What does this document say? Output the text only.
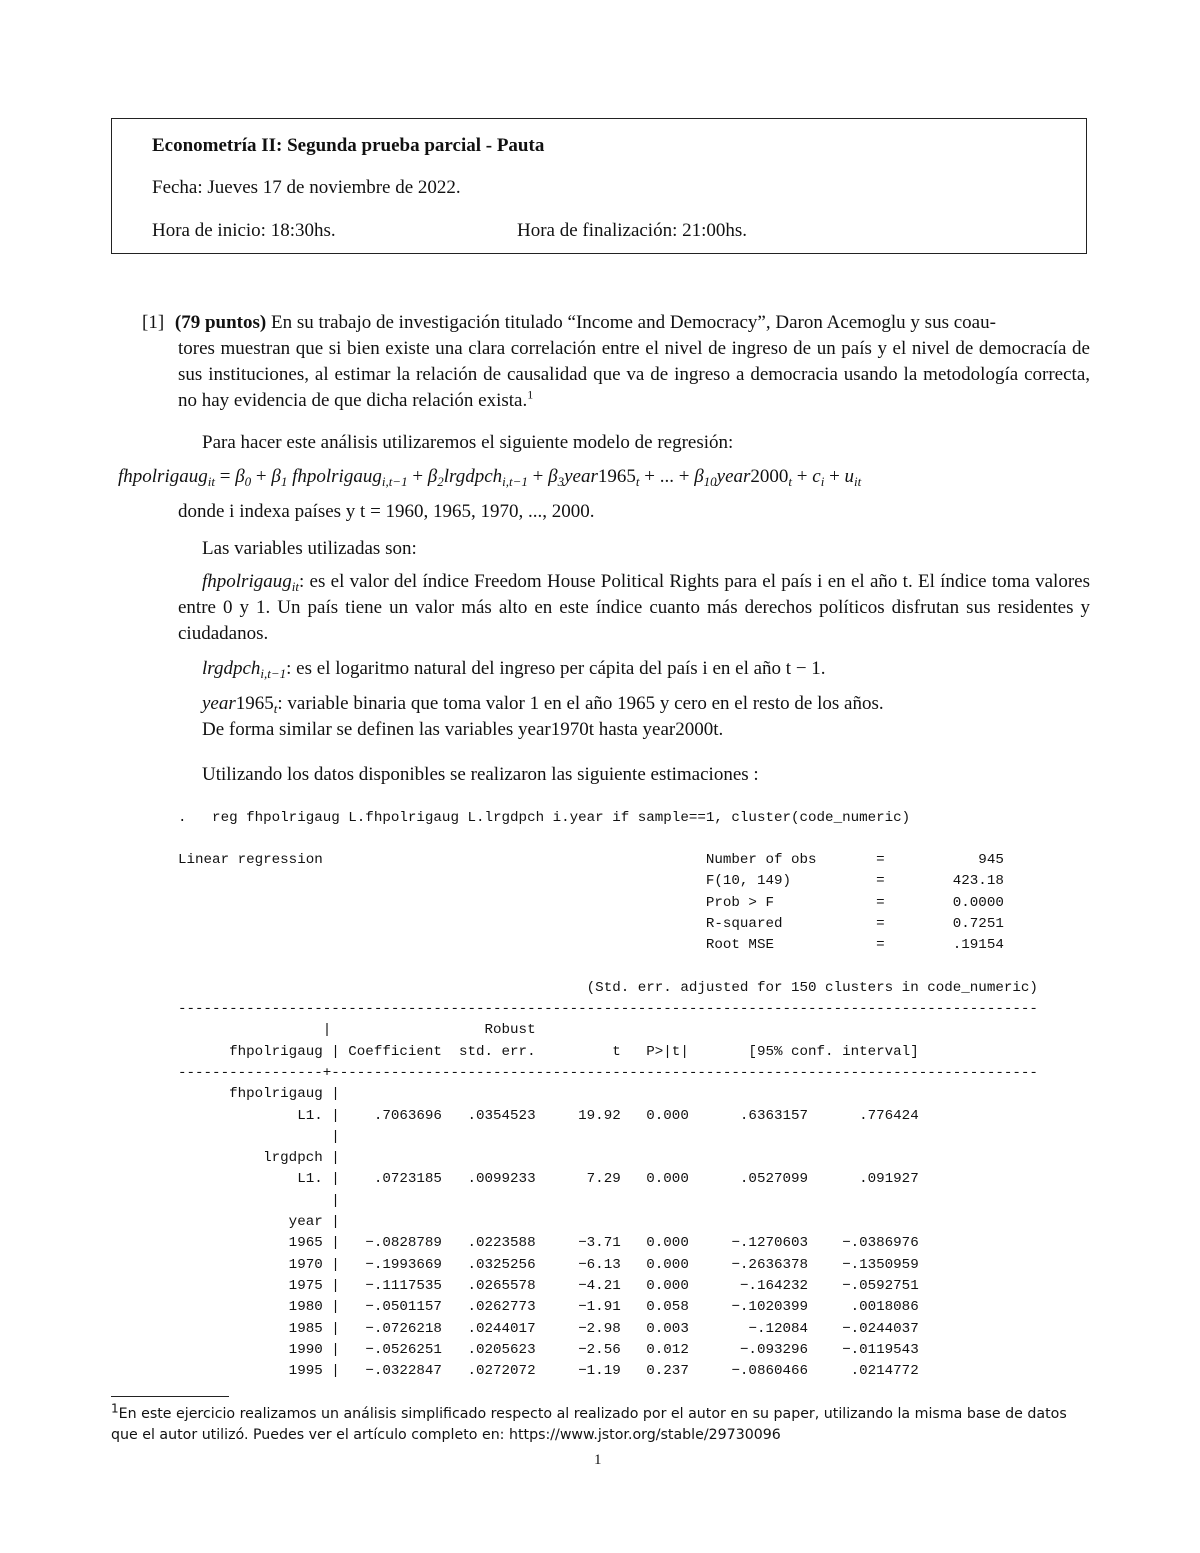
Econometría II: Segunda prueba parcial - Pauta
Fecha: Jueves 17 de noviembre de 2022.
Hora de inicio: 18:30hs.	Hora de finalización: 21:00hs.
[1] (79 puntos) En su trabajo de investigación titulado “Income and Democracy”, Daron Acemoglu y sus coau-
tores muestran que si bien existe una clara correlación entre el nivel de ingreso de un país y el nivel de democracía de sus instituciones, al estimar la relación de causalidad que va de ingreso a democracia usando la metodología correcta, no hay evidencia de que dicha relación exista.$^1$
Para hacer este análisis utilizaremos el siguiente modelo de regresión:
fhpolrigaug$_{it}$ = $\beta_0 + \beta_1$ fhpolrigaug$_{i,t-1}$ + $\beta_2lrgdpch_{i,t-1}$ + $\beta_3year1965_t$ + ... + $\beta_{10}year2000_t + c_i + u_{it}$
donde i indexa países y t = 1960, 1965, 1970, ..., 2000.
Las variables utilizadas son:
fhpolrigaug$_{it}$: es el valor del índice Freedom House Political Rights para el país i en el año t. El índice toma valores entre 0 y 1. Un país tiene un valor más alto en este índice cuanto más derechos políticos disfrutan sus residentes y ciudadanos.
lrgdpch$_{i,t-1}$: es el logaritmo natural del ingreso per cápita del país i en el año t − 1.
$year1965_t$: variable binaria que toma valor 1 en el año 1965 y cero en el resto de los años.
De forma similar se definen las variables year1970t hasta year2000t.
Utilizando los datos disponibles se realizaron las siguiente estimaciones :
.   reg fhpolrigaug L.fhpolrigaug L.lrgdpch i.year if sample==1, cluster(code_numeric)
Linear regression                                             Number of obs       =           945
F(10, 149)          =        423.18
Prob > F            =        0.0000
R-squared           =        0.7251
Root MSE            =        .19154

(Std. err. adjusted for 150 clusters in code_numeric)
-----------------------------------------------------------------------------------------------------
|                  Robust
fhpolrigaug | Coefficient  std. err.         t   P>|t|       [95% conf. interval]
-----------------+-----------------------------------------------------------------------------------
fhpolrigaug |
L1. |    .7063696   .0354523     19.92   0.000      .6363157      .776424
|
lrgdpch |
L1. |    .0723185   .0099233      7.29   0.000      .0527099      .091927
|
year |
1965 |   −.0828789   .0223588     −3.71   0.000     −.1270603    −.0386976
1970 |   −.1993669   .0325256     −6.13   0.000     −.2636378    −.1350959
1975 |   −.1117535   .0265578     −4.21   0.000      −.164232    −.0592751
1980 |   −.0501157   .0262773     −1.91   0.058     −.1020399     .0018086
1985 |   −.0726218   .0244017     −2.98   0.003       −.12084    −.0244037
1990 |   −.0526251   .0205623     −2.56   0.012      −.093296    −.0119543
1995 |   −.0322847   .0272072     −1.19   0.237     −.0860466     .0214772
$^1$En este ejercicio realizamos un análisis simplificado respecto al realizado por el autor en su paper, utilizando la misma base de datos que el autor utilizó. Puedes ver el artículo completo en: https://www.jstor.org/stable/29730096
1
